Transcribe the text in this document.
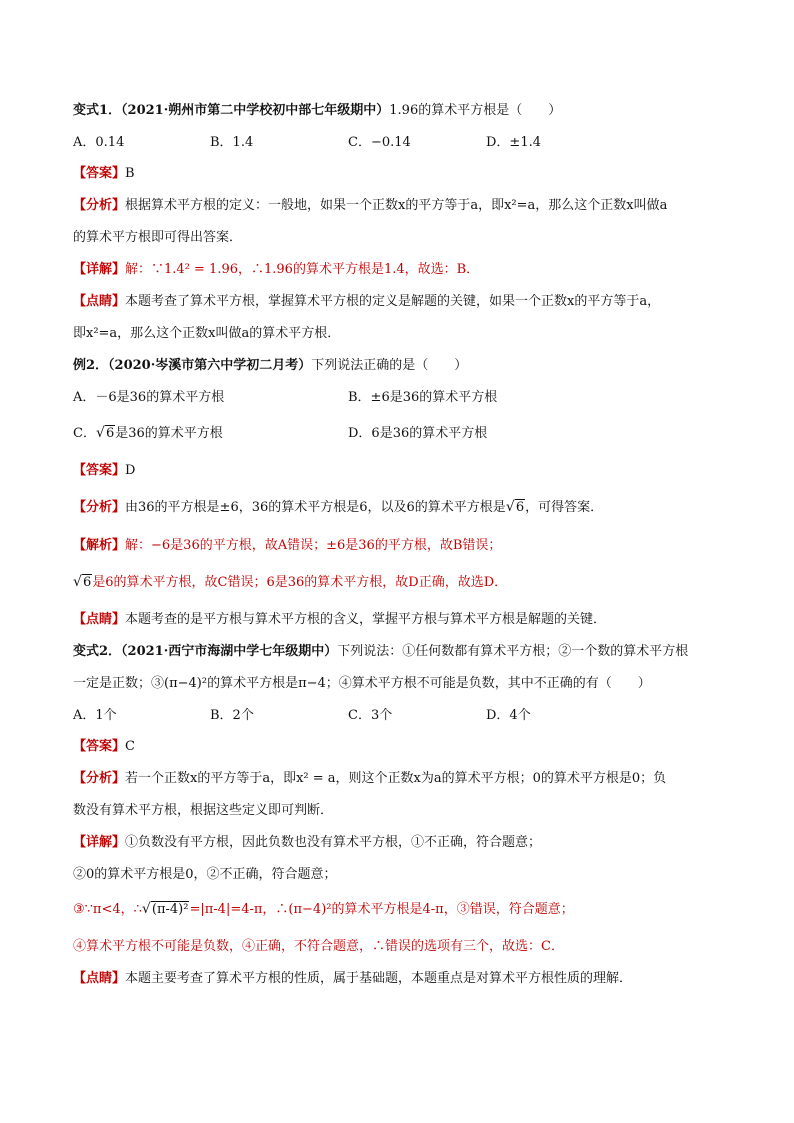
变式1．（2021·朔州市第二中学校初中部七年级期中）1.96的算术平方根是（　　）
A．0.14	B．1.4	C．−0.14	D．±1.4
【答案】B
【分析】根据算术平方根的定义：一般地，如果一个正数x的平方等于a，即x²=a，那么这个正数x叫做a
的算术平方根即可得出答案．
【详解】解：∵1.4² = 1.96，∴1.96的算术平方根是1.4，故选：B．
【点睛】本题考查了算术平方根，掌握算术平方根的定义是解题的关键，如果一个正数x的平方等于a，
即x²=a，那么这个正数x叫做a的算术平方根．
例2．（2020·岑溪市第六中学初二月考）下列说法正确的是（　　）
A．－6是36的算术平方根	B．±6是36的算术平方根
C． √ 6是36的算术平方根	D．6是36的算术平方根
【答案】D
【分析】由36的平方根是±6，36的算术平方根是6，以及6的算术平方根是 √ 6，可得答案．
【解析】解：−6是36的平方根，故A错误；±6是36的平方根，故B错误；
√ 6是6的算术平方根，故C错误；6是36的算术平方根，故D正确，故选D．
【点睛】本题考查的是平方根与算术平方根的含义，掌握平方根与算术平方根是解题的关键．
变式2．（2021·西宁市海湖中学七年级期中）下列说法：①任何数都有算术平方根；②一个数的算术平方根
一定是正数；③(π−4)²的算术平方根是π−4；④算术平方根不可能是负数，其中不正确的有（　　）
A．1个	B．2个	C．3个	D．4个
【答案】C
【分析】若一个正数x的平方等于a，即x² = a，则这个正数x为a的算术平方根；0的算术平方根是0；负
数没有算术平方根，根据这些定义即可判断．
【详解】①负数没有平方根，因此负数也没有算术平方根，①不正确，符合题意；
②0的算术平方根是0，②不正确，符合题意；
③∵π<4，∴ √ (π-4)²=|π-4|=4-π，∴(π−4)²的算术平方根是4-π，③错误，符合题意；
④算术平方根不可能是负数，④正确，不符合题意，∴错误的选项有三个，故选：C．
【点睛】本题主要考查了算术平方根的性质，属于基础题，本题重点是对算术平方根性质的理解．
